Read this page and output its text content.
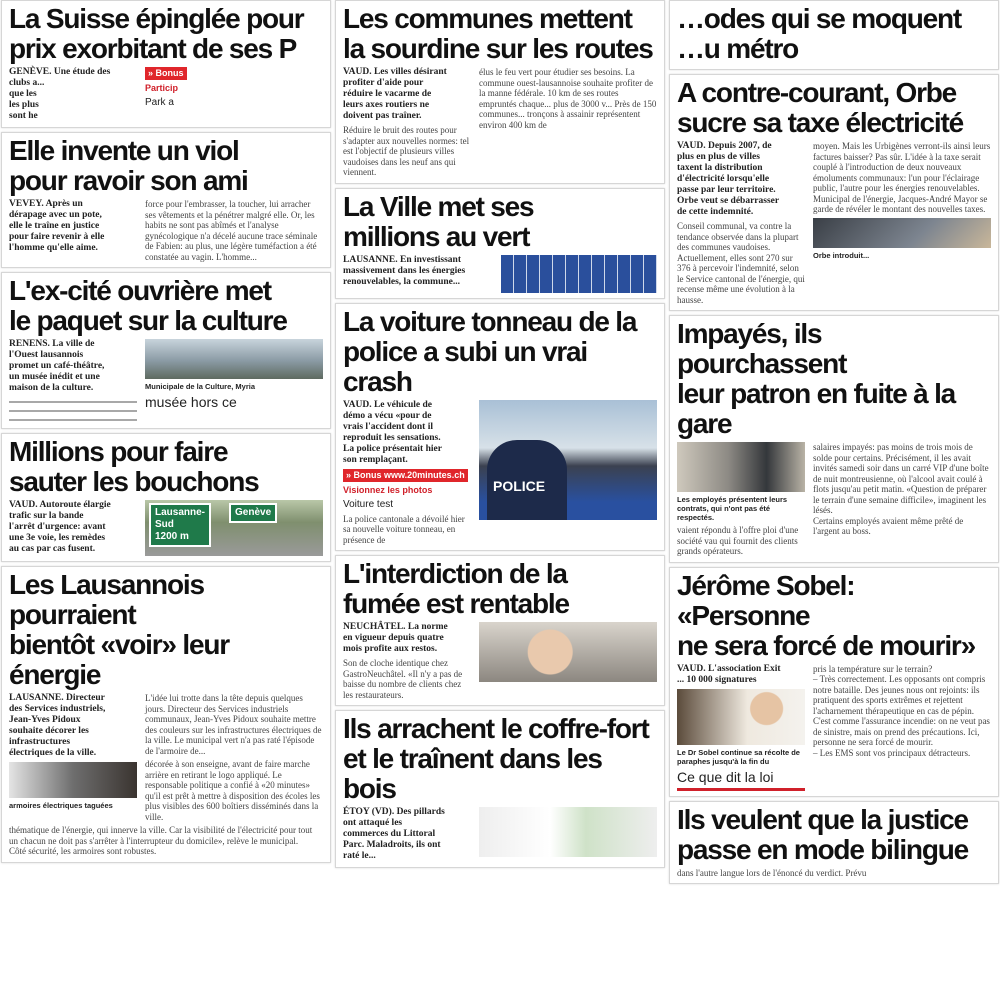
La Suisse épinglée pour
prix exorbitant de ses P
GENÈVE. Une étude des
clubs a...
que les
les plus
sont he
» Bonus
Particip
Park a
Elle invente un viol
pour ravoir son ami
VEVEY. Après un
dérapage avec un pote,
elle le traîne en justice
pour faire revenir à elle
l'homme qu'elle aime.
force pour l'embrasser, la toucher, lui arracher ses vêtements et la pénétrer malgré elle. Or, les habits ne sont pas abîmés et l'analyse gynécologique n'a décelé aucune trace séminale de Fabien: au plus, une légère tuméfaction a été constatée au vagin. L'homme...
L'ex-cité ouvrière met
le paquet sur la culture
RENENS. La ville de
l'Ouest lausannois
promet un café-théâtre,
un musée inédit et une
maison de la culture.	Municipale de la Culture, Myria
musée hors ce
Millions pour faire
sauter les bouchons
VAUD. Autoroute élargie
trafic sur la bande
l'arrêt d'urgence: avant
une 3e voie, les remèdes
au cas par cas fusent.
Lausanne-
Sud
1200 m
Genève
Les Lausannois pourraient
bientôt «voir» leur énergie
LAUSANNE. Directeur
des Services industriels,
Jean-Yves Pidoux
souhaite décorer les
infrastructures
électriques de la ville.
armoires électriques taguées
L'idée lui trotte dans la tête depuis quelques jours. Directeur des Services industriels communaux, Jean-Yves Pidoux souhaite mettre des couleurs sur les infrastructures électriques de la ville. Le municipal vert n'a pas raté l'épisode de l'armoire de...
décorée à son enseigne, avant de faire marche arrière en retirant le logo appliqué. Le responsable politique a confié à «20 minutes» qu'il est prêt à mettre à disposition des écoles les plus visibles des 600 boîtiers disséminés dans la ville.
thématique de l'énergie, qui innerve la ville. Car la visibilité de l'électricité pour tout un chacun ne doit pas s'arrêter à l'interrupteur du domicile», relève le municipal.
Côté sécurité, les armoires sont robustes.
Les communes mettent
la sourdine sur les routes
VAUD. Les villes désirant
profiter d'aide pour
réduire le vacarme de
leurs axes routiers ne
doivent pas traîner.
Réduire le bruit des routes pour s'adapter aux nouvelles normes: tel est l'objectif de plusieurs villes vaudoises dans les neuf ans qui viennent.
élus le feu vert pour étudier ses besoins. La commune ouest-lausannoise souhaite profiter de la manne fédérale. 10 km de ses routes empruntés chaque... plus de 3000 v... Près de 150 communes... tronçons à assainir représentent environ 400 km de
La Ville met ses
millions au vert
LAUSANNE. En investissant
massivement dans les énergies
renouvelables, la commune...
La voiture tonneau de la
police a subi un vrai crash
VAUD. Le véhicule de
démo a vécu «pour de
vrais l'accident dont il
reproduit les sensations.
La police présentait hier
son remplaçant.
» Bonus www.20minutes.ch
Visionnez les photos
Voiture test
La police cantonale a dévoilé hier sa nouvelle voiture tonneau, en présence de
POLICE
L'interdiction de la
fumée est rentable
NEUCHÂTEL. La norme
en vigueur depuis quatre
mois profite aux restos.
Son de cloche identique chez GastroNeuchâtel. «Il n'y a pas de baisse du nombre de clients chez les restaurateurs.
Ils arrachent le coffre-fort
et le traînent dans les bois
ÉTOY (VD). Des pillards
ont attaqué les
commerces du Littoral
Parc. Maladroits, ils ont
raté le...
…odes qui se moquent
…u métro
A contre-courant, Orbe
sucre sa taxe électricité
VAUD. Depuis 2007, de
plus en plus de villes
taxent la distribution
d'électricité lorsqu'elle
passe par leur territoire.
Orbe veut se débarrasser
de cette indemnité.
Conseil communal, va contre la tendance observée dans la plupart des communes vaudoises. Actuellement, elles sont 270 sur 376 à percevoir l'indemnité, selon le Service cantonal de l'énergie, qui recense même une évolution à la hausse.
moyen. Mais les Urbigènes verront-ils ainsi leurs factures baisser? Pas sûr. L'idée à la taxe serait couplé à l'introduction de deux nouveaux émoluments communaux: l'un pour l'éclairage public, l'autre pour les énergies renouvelables. Municipal de l'énergie, Jacques-André Mayor se garde de révéler le montant des nouvelles taxes.
Orbe introduit...
Impayés, ils pourchassent
leur patron en fuite à la gare
Les employés présentent leurs contrats, qui n'ont pas été respectés.
vaient répondu à l'offre ploi d'une société vau qui fournit des clients grands opérateurs.
salaires impayés: pas moins de trois mois de solde pour certains. Précisément, il les avait invités samedi soir dans un carré VIP d'une boîte de nuit montreusienne, où l'alcool avait coulé à flots jusqu'au petit matin. «Question de préparer le terrain d'une semaine difficile», imaginent les lésés.
Certains employés avaient même prêté de l'argent au boss.
Jérôme Sobel: «Personne
ne sera forcé de mourir»
VAUD. L'association Exit
... 10 000 signatures
Le Dr Sobel continue sa récolte de paraphes jusqu'à la fin du
Ce que dit la loi
pris la température sur le terrain?
– Très correctement. Les opposants ont compris notre bataille. Des jeunes nous ont rejoints: ils pratiquent des sports extrêmes et rejettent l'acharnement thérapeutique en cas de pépin. C'est comme l'assurance incendie: on ne veut pas de sinistre, mais on prend des précautions. Ici, personne ne sera forcé de mourir.
– Les EMS sont vos principaux détracteurs.
Ils veulent que la justice
passe en mode bilingue
dans l'autre langue lors de l'énoncé du verdict. Prévu
